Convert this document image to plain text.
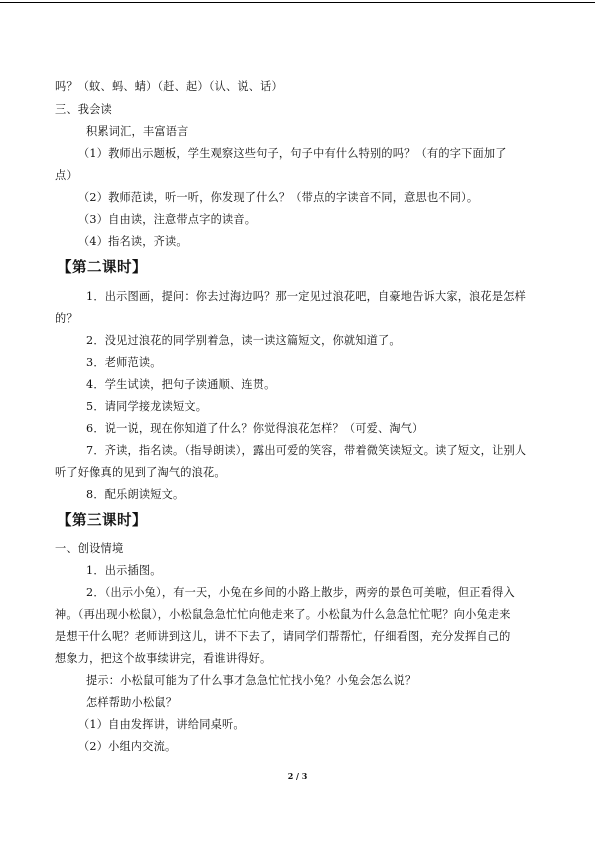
吗？（蚊、蚂、蜻）（赶、起）（认、说、话）
三、我会读
积累词汇，丰富语言
（1）教师出示题板，学生观察这些句子，句子中有什么特别的吗？（有的字下面加了
点）
（2）教师范读，听一听，你发现了什么？（带点的字读音不同，意思也不同）。
（3）自由读，注意带点字的读音。
（4）指名读，齐读。
【第二课时】
1．出示图画，提问：你去过海边吗？那一定见过浪花吧，自豪地告诉大家，浪花是怎样
的？
2．没见过浪花的同学别着急，读一读这篇短文，你就知道了。
3．老师范读。
4．学生试读，把句子读通顺、连贯。
5．请同学接龙读短文。
6．说一说，现在你知道了什么？你觉得浪花怎样？（可爱、淘气）
7．齐读，指名读。（指导朗读），露出可爱的笑容，带着微笑读短文。读了短文，让别人
听了好像真的见到了淘气的浪花。
8．配乐朗读短文。
【第三课时】
一、创设情境
1．出示插图。
2．（出示小兔），有一天，小兔在乡间的小路上散步，两旁的景色可美啦，但正看得入
神。（再出现小松鼠），小松鼠急急忙忙向他走来了。小松鼠为什么急急忙忙呢？向小兔走来
是想干什么呢？老师讲到这儿，讲不下去了，请同学们帮帮忙，仔细看图，充分发挥自己的
想象力，把这个故事续讲完，看谁讲得好。
提示：小松鼠可能为了什么事才急急忙忙找小兔？小兔会怎么说？
怎样帮助小松鼠？
（1）自由发挥讲，讲给同桌听。
（2）小组内交流。
2 / 3
